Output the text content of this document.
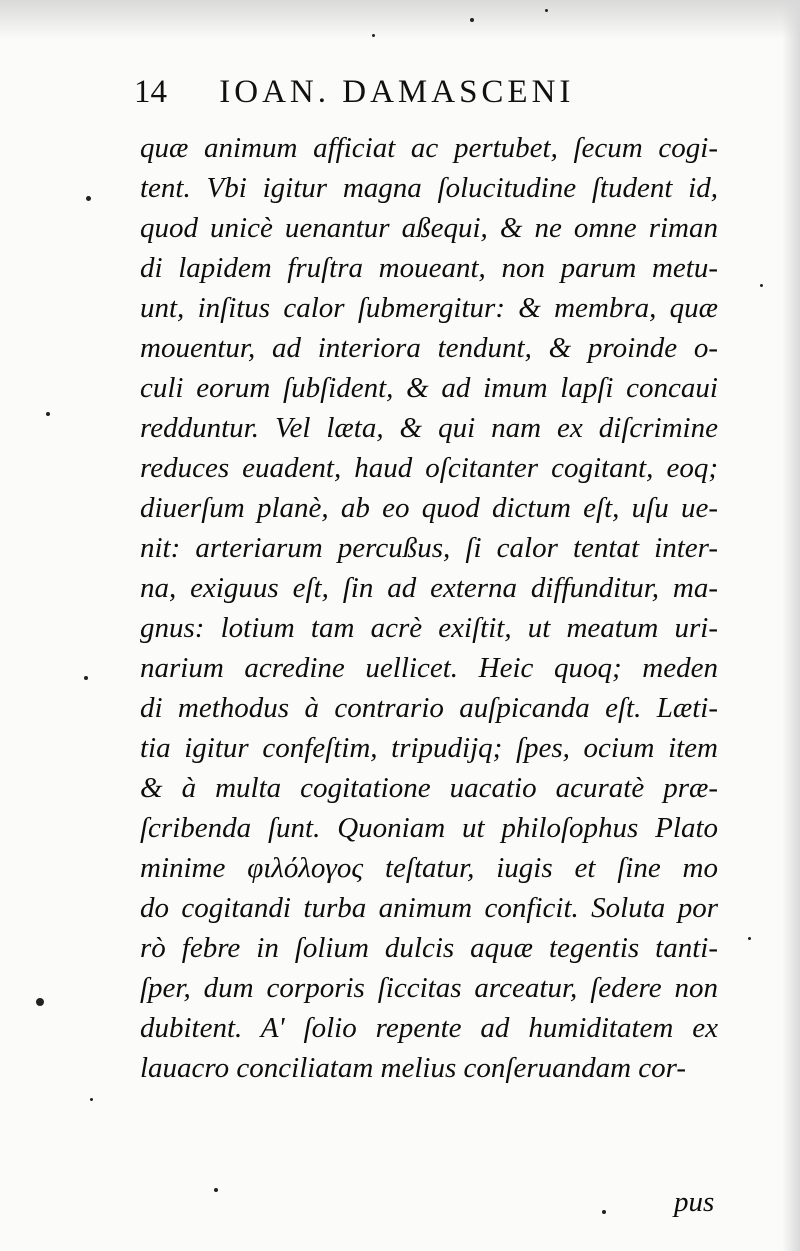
14 IOAN. DAMASCENI
quæ animum afficiat ac pertubet, ſecum cogi-
tent. Vbi igitur magna ſolucitudine ſtudent id,
quod unicè uenantur aßequi, & ne omne riman
di lapidem fruſtra moueant, non parum metu-
unt, inſitus calor ſubmergitur: & membra, quæ
mouentur, ad interiora tendunt, & proinde o-
culi eorum ſubſident, & ad imum lapſi concaui
redduntur. Vel læta, & qui nam ex diſcrimine
reduces euadent, haud oſcitanter cogitant, eoq;
diuerſum planè, ab eo quod dictum eſt, uſu ue-
nit: arteriarum percußus, ſi calor tentat inter-
na, exiguus eſt, ſin ad externa diffunditur, ma-
gnus: lotium tam acrè exiſtit, ut meatum uri-
narium acredine uellicet. Heic quoq; meden
di methodus à contrario auſpicanda eſt. Læti-
tia igitur confeſtim, tripudijq; ſpes, ocium item
& à multa cogitatione uacatio acuratè præ-
ſcribenda ſunt. Quoniam ut philoſophus Plato
minime φιλόλογος teſtatur, iugis et ſine mo
do cogitandi turba animum conficit. Soluta por
rò febre in ſolium dulcis aquæ tegentis tanti-
ſper, dum corporis ſiccitas arceatur, ſedere non
dubitent. A' ſolio repente ad humiditatem ex
lauacro conciliatam melius conſeruandam cor-
pus
